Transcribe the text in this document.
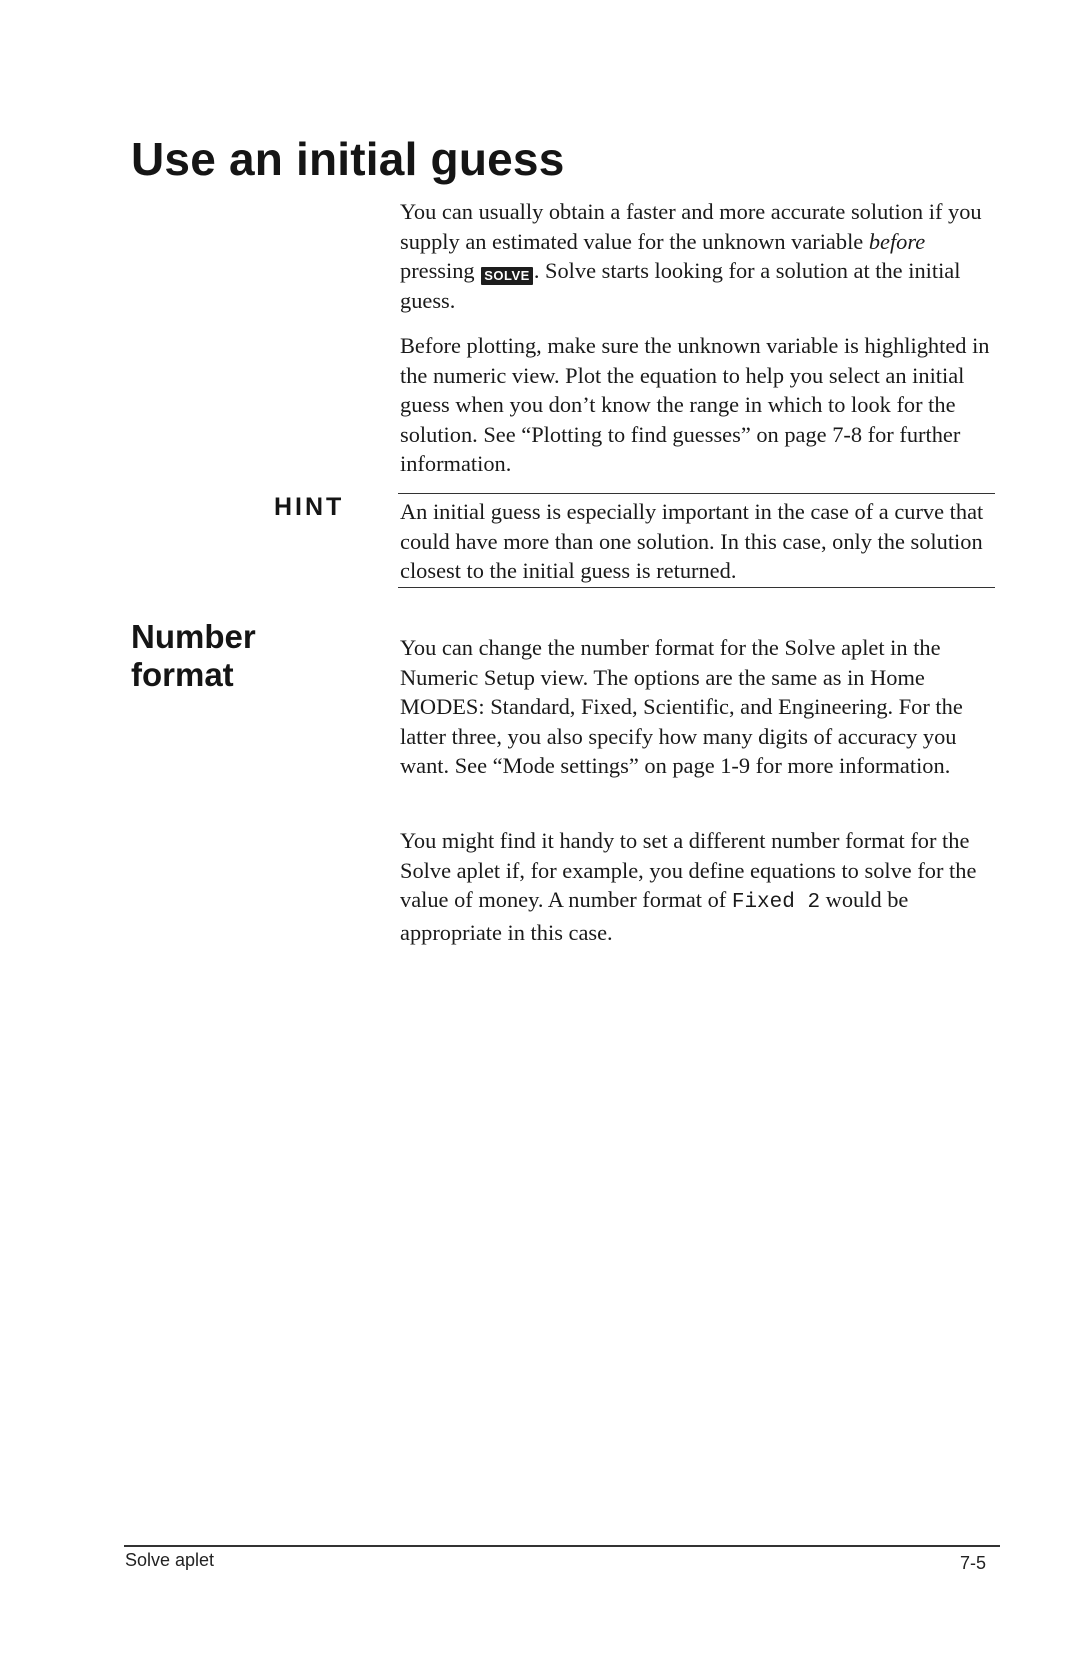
Use an initial guess

You can usually obtain a faster and more accurate solution if you supply an estimated value for the unknown variable before pressing SOLVE . Solve starts looking for a solution at the initial guess.

Before plotting, make sure the unknown variable is highlighted in the numeric view. Plot the equation to help you select an initial guess when you don’t know the range in which to look for the solution. See “Plotting to find guesses” on page 7-8 for further information.

HINT An initial guess is especially important in the case of a curve that could have more than one solution. In this case, only the solution closest to the initial guess is returned.

Number
format

You can change the number format for the Solve aplet in the Numeric Setup view. The options are the same as in Home MODES: Standard, Fixed, Scientific, and Engineering. For the latter three, you also specify how many digits of accuracy you want. See “Mode settings” on page 1-9 for more information.

You might find it handy to set a different number format for the Solve aplet if, for example, you define equations to solve for the value of money. A number format of Fixed 2 would be appropriate in this case.

Solve aplet	7-5
